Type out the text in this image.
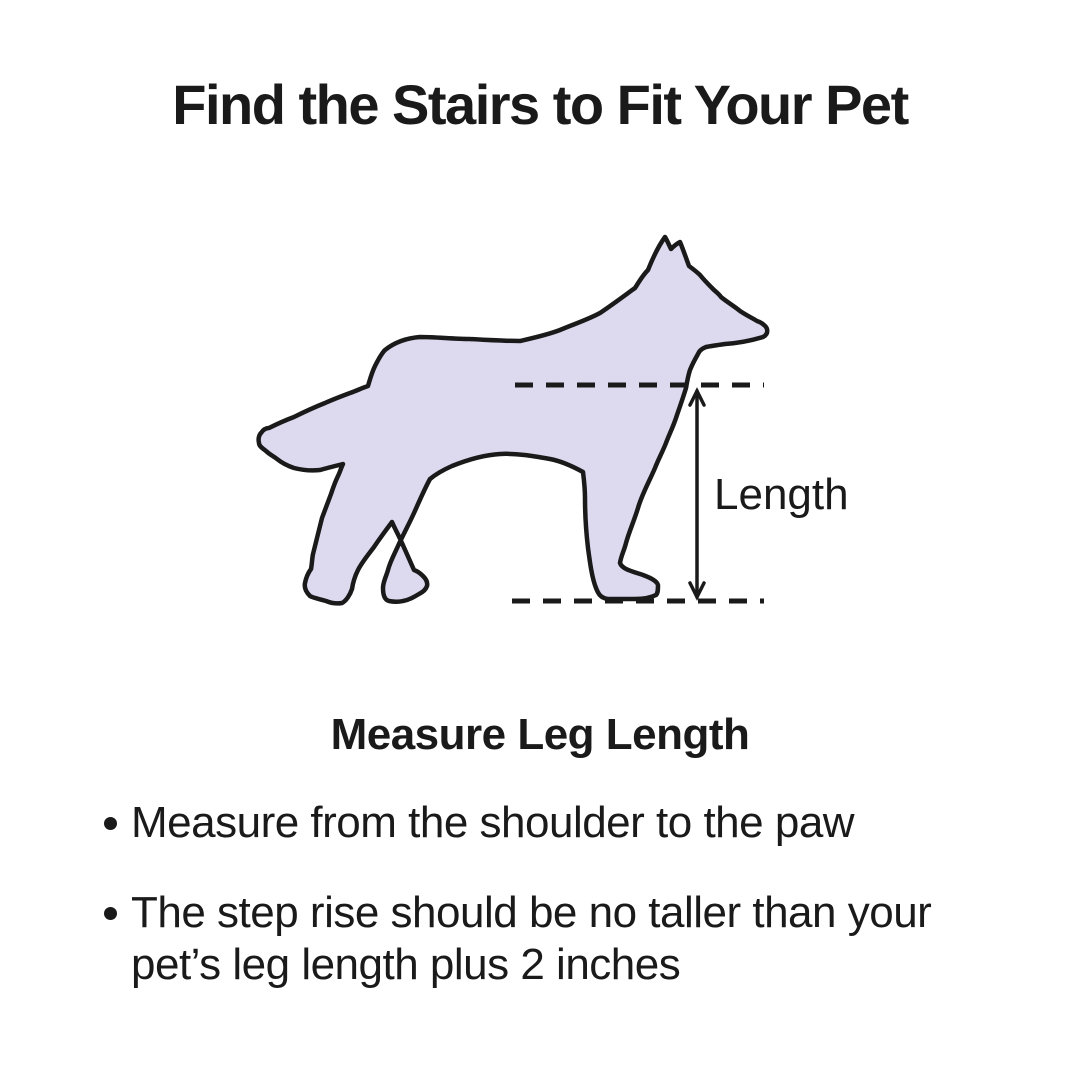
Find the Stairs to Fit Your Pet
Length
Measure Leg Length
Measure from the shoulder to the paw
The step rise should be no taller than your pet’s leg length plus 2 inches
